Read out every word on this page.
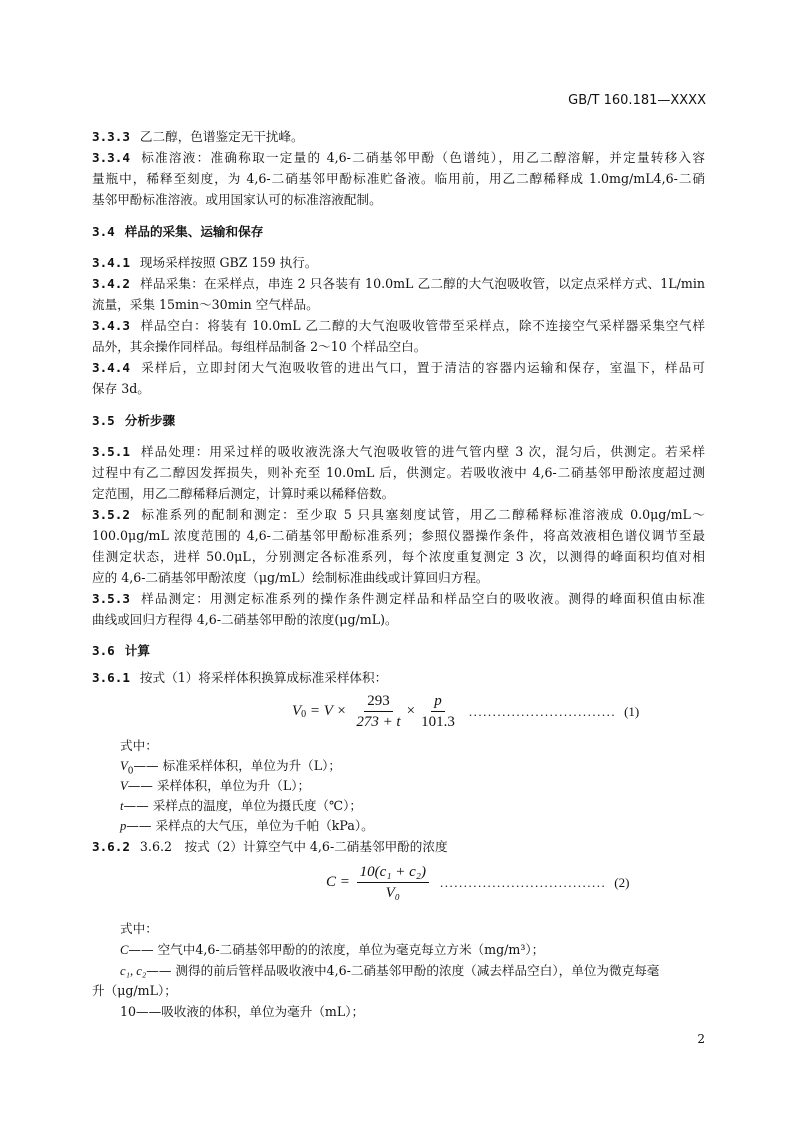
GB/T 160.181—XXXX
3.3.3 乙二醇，色谱鉴定无干扰峰。
3.3.4 标准溶液：准确称取一定量的 4,6-二硝基邻甲酚（色谱纯），用乙二醇溶解，并定量转移入容
量瓶中，稀释至刻度，为 4,6-二硝基邻甲酚标准贮备液。临用前，用乙二醇稀释成 1.0mg/mL4,6-二硝
基邻甲酚标准溶液。或用国家认可的标准溶液配制。
3.4 样品的采集、运输和保存
3.4.1 现场采样按照 GBZ 159 执行。
3.4.2 样品采集：在采样点，串连 2 只各装有 10.0mL 乙二醇的大气泡吸收管，以定点采样方式、1L/min
流量，采集 15min～30min 空气样品。
3.4.3 样品空白：将装有 10.0mL 乙二醇的大气泡吸收管带至采样点，除不连接空气采样器采集空气样
品外，其余操作同样品。每组样品制备 2～10 个样品空白。
3.4.4 采样后，立即封闭大气泡吸收管的进出气口，置于清洁的容器内运输和保存，室温下，样品可
保存 3d。
3.5 分析步骤
3.5.1 样品处理：用采过样的吸收液洗涤大气泡吸收管的进气管内壁 3 次，混匀后，供测定。若采样
过程中有乙二醇因发挥损失，则补充至 10.0mL 后，供测定。若吸收液中 4,6-二硝基邻甲酚浓度超过测
定范围，用乙二醇稀释后测定，计算时乘以稀释倍数。
3.5.2 标准系列的配制和测定：至少取 5 只具塞刻度试管，用乙二醇稀释标准溶液成 0.0μg/mL～
100.0μg/mL 浓度范围的 4,6-二硝基邻甲酚标准系列；参照仪器操作条件，将高效液相色谱仪调节至最
佳测定状态，进样 50.0μL，分别测定各标准系列，每个浓度重复测定 3 次，以测得的峰面积均值对相
应的 4,6-二硝基邻甲酚浓度（μg/mL）绘制标准曲线或计算回归方程。
3.5.3 样品测定：用测定标准系列的操作条件测定样品和样品空白的吸收液。测得的峰面积值由标准
曲线或回归方程得 4,6-二硝基邻甲酚的浓度(μg/mL)。
3.6 计算
3.6.1 按式（1）将采样体积换算成标准采样体积：
式中：
$V_0——$ 标准采样体积，单位为升（L）；
V—— 采样体积，单位为升（L）；
t—— 采样点的温度，单位为摄氏度（℃）；
p—— 采样点的大气压，单位为千帕（kPa）。
3.6.2 3.6.2　按式（2）计算空气中 4,6-二硝基邻甲酚的浓度
式中：
C—— 空气中4,6-二硝基邻甲酚的的浓度，单位为毫克每立方米（mg/m³）；
c₁, c₂—— 测得的前后管样品吸收液中4,6-二硝基邻甲酚的浓度（减去样品空白），单位为微克每毫
升（μg/mL）；
10——吸收液的体积，单位为毫升（mL）；
$V_0 = V \times \frac{293}{273 + t} \times \frac{p}{101.3}$ ............................... (1)
$C = \frac{\text{10(c₁ + c₂)}}{\text{V₀}}$ ................................... (2)
2
